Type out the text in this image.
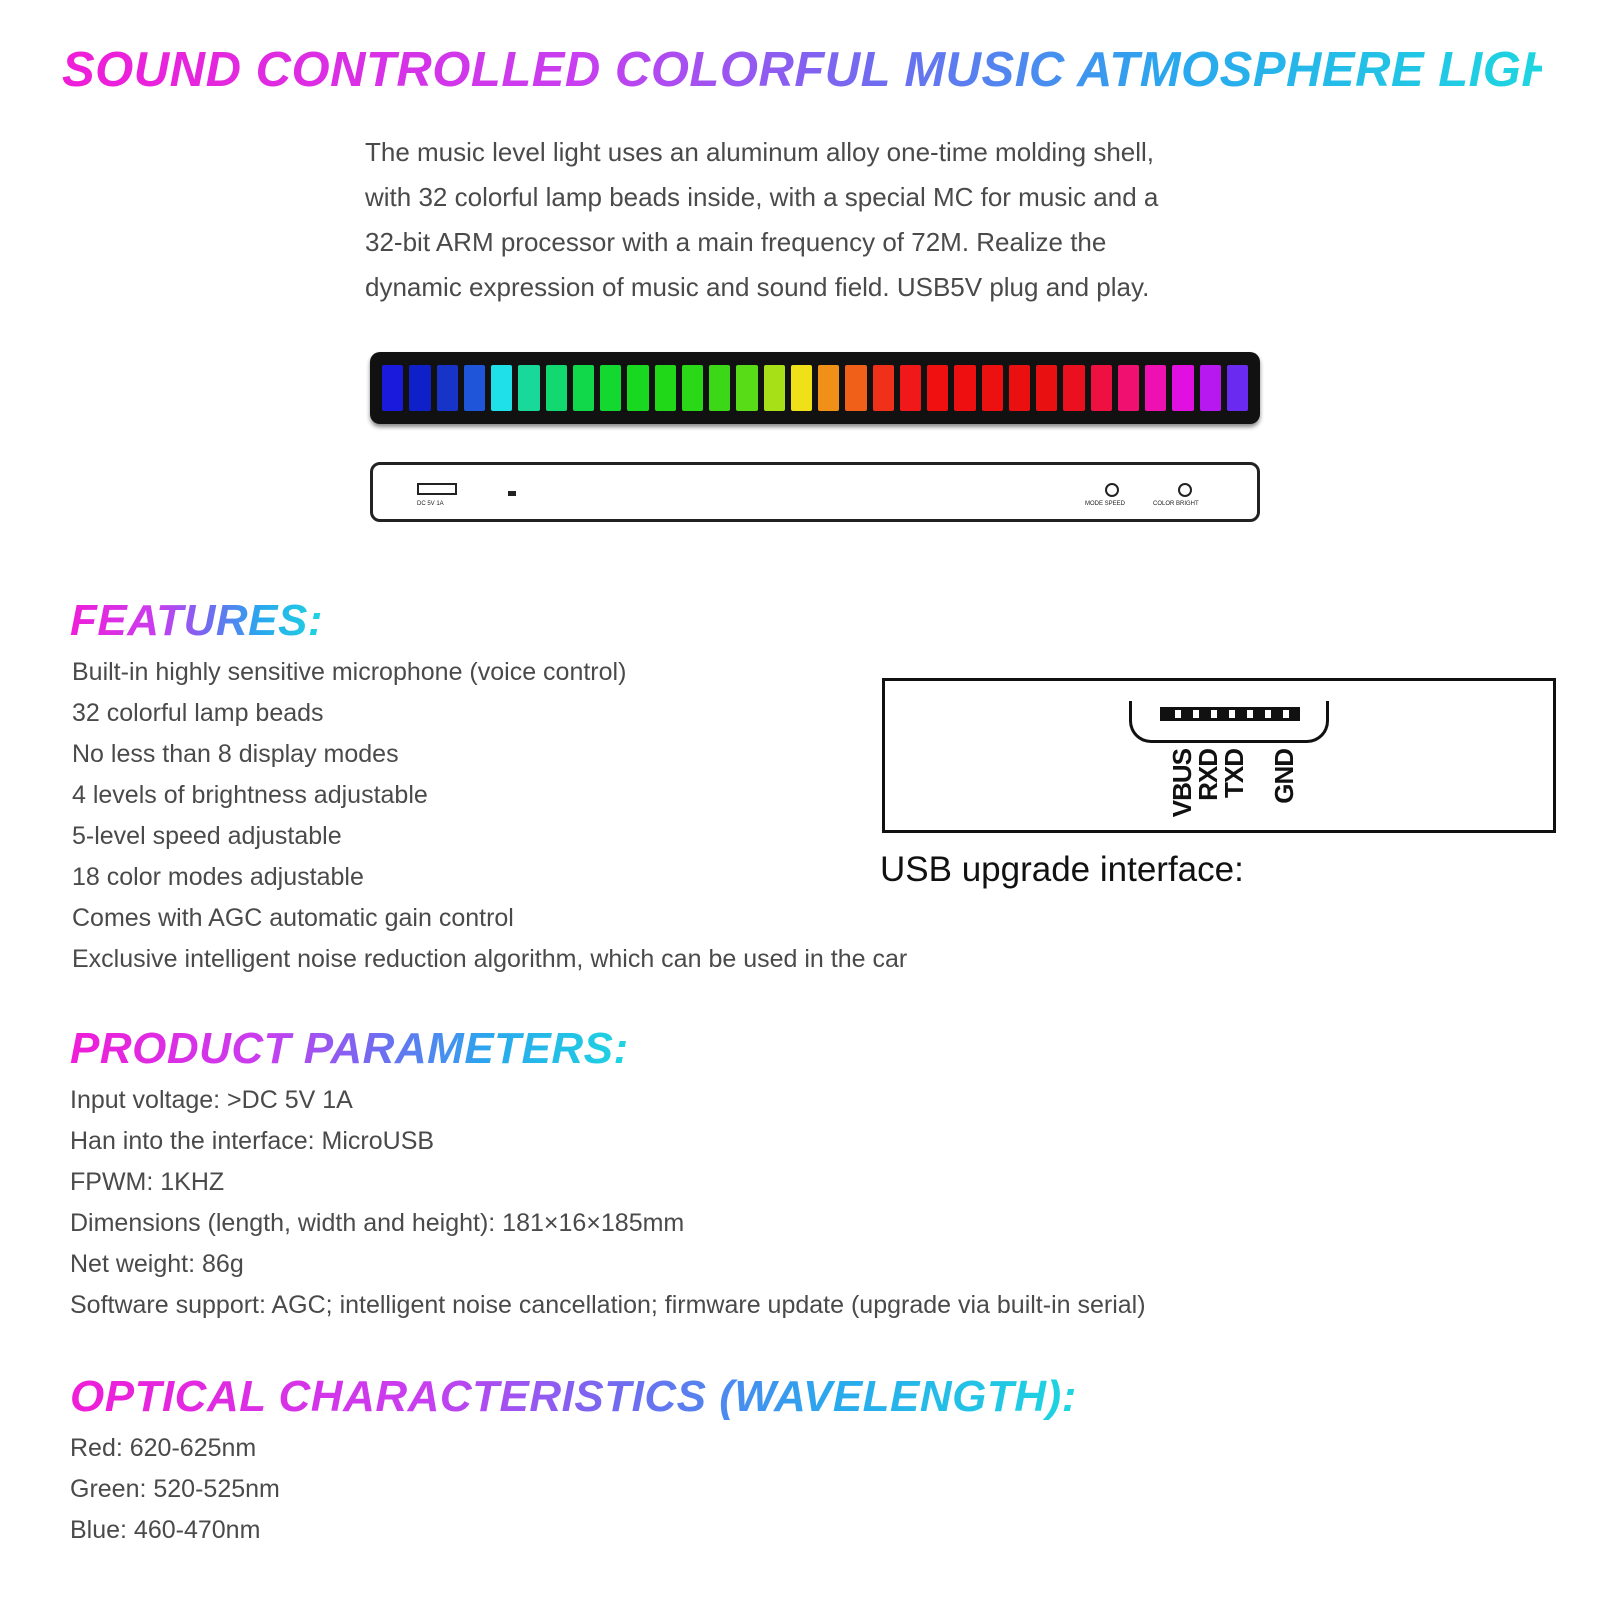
SOUND CONTROLLED COLORFUL MUSIC ATMOSPHERE LIGHT

The music level light uses an aluminum alloy one-time molding shell,

with 32 colorful lamp beads inside, with a special MC for music and a

32-bit ARM processor with a main frequency of 72M. Realize the

dynamic expression of music and sound field. USB5V plug and play.

DC 5V 1A	MODE SPEED	COLOR BRIGHT
FEATURES:
Built-in highly sensitive microphone (voice control)
32 colorful lamp beads
No less than 8 display modes
4 levels of brightness adjustable
5-level speed adjustable
18 color modes adjustable
Comes with AGC automatic gain control
Exclusive intelligent noise reduction algorithm, which can be used in the car
VBUS
RXD
TXD GND
USB upgrade interface:
PRODUCT PARAMETERS:
Input voltage: >DC 5V 1A
Han into the interface: MicroUSB
FPWM: 1KHZ
Dimensions (length, width and height): 181×16×185mm
Net weight: 86g
Software support: AGC; intelligent noise cancellation; firmware update (upgrade via built-in serial)
OPTICAL CHARACTERISTICS (WAVELENGTH):
Red: 620-625nm
Green: 520-525nm
Blue: 460-470nm
